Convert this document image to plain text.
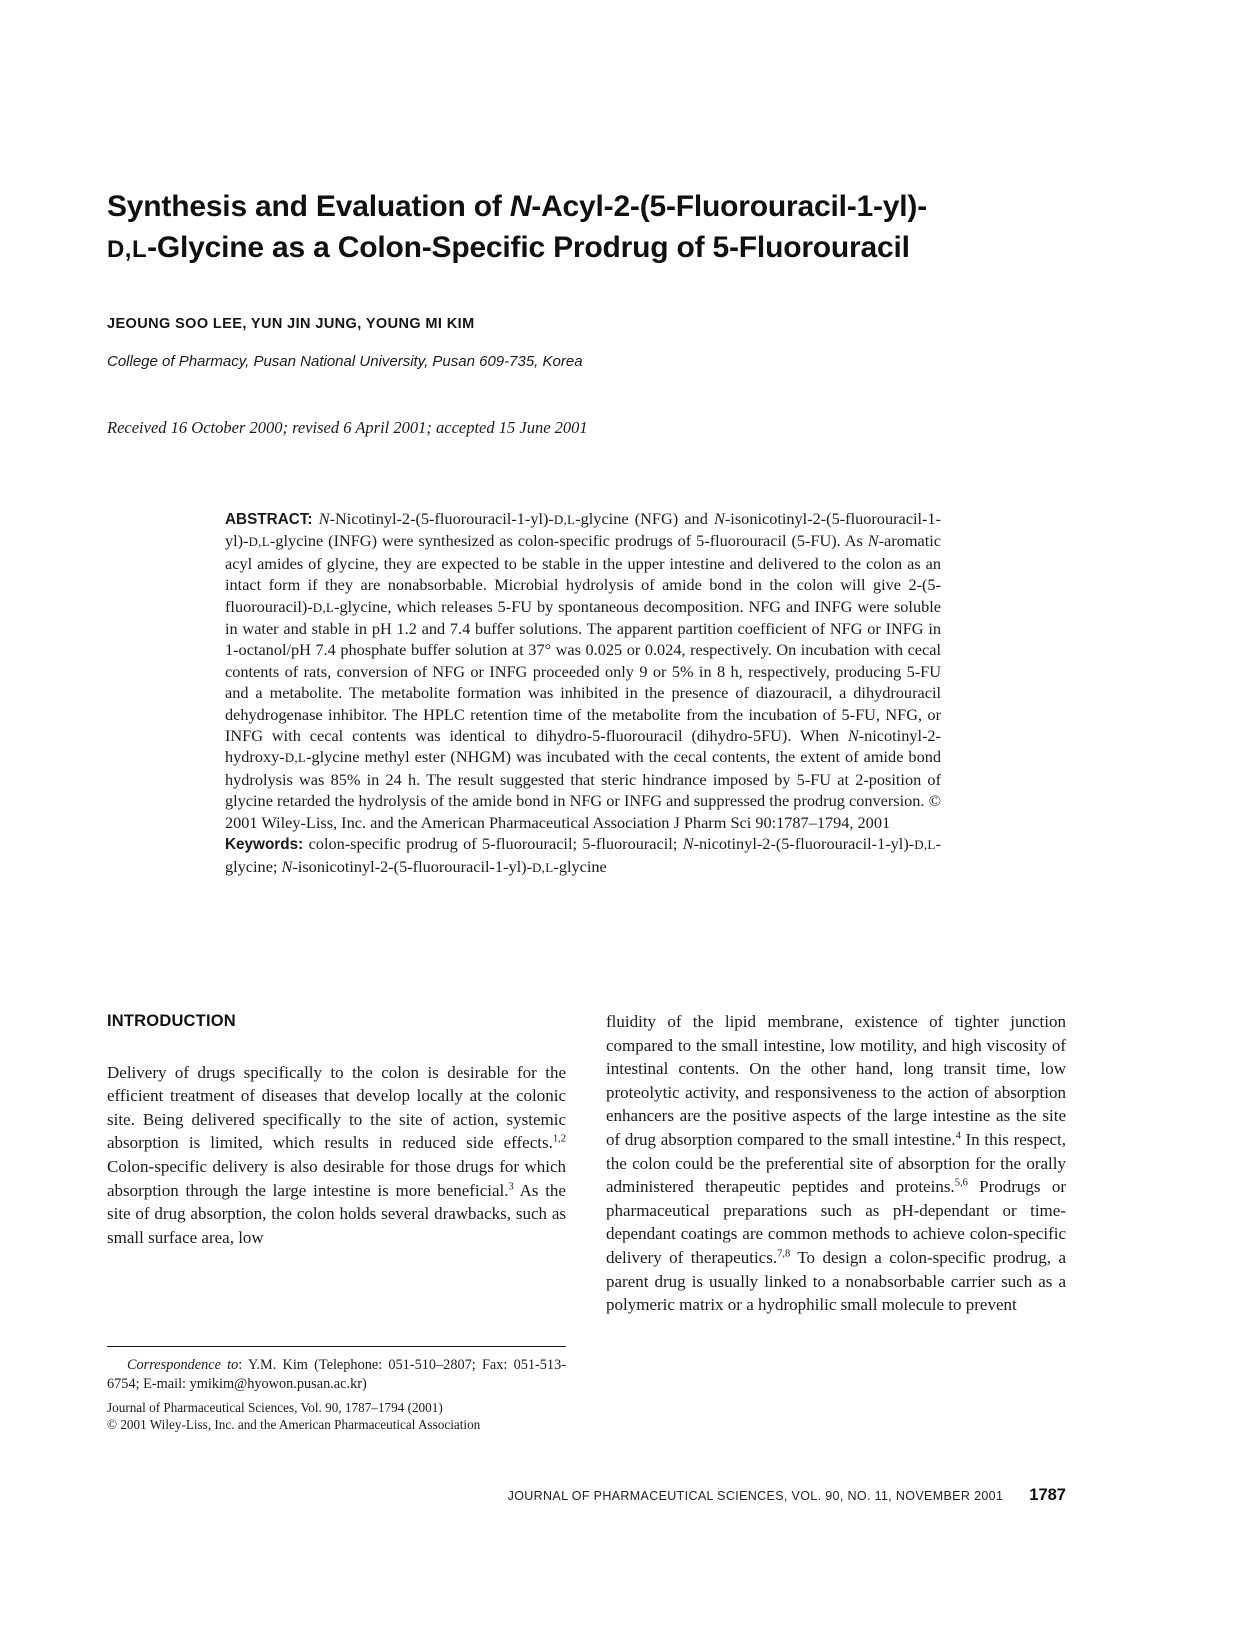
Synthesis and Evaluation of N-Acyl-2-(5-Fluorouracil-1-yl)-
D,L-Glycine as a Colon-Specific Prodrug of 5-Fluorouracil
JEOUNG SOO LEE, YUN JIN JUNG, YOUNG MI KIM
College of Pharmacy, Pusan National University, Pusan 609-735, Korea
Received 16 October 2000; revised 6 April 2001; accepted 15 June 2001

ABSTRACT: N-Nicotinyl-2-(5-fluorouracil-1-yl)-D,L-glycine (NFG) and N-isonicotinyl-2-(5-fluorouracil-1-yl)-D,L-glycine (INFG) were synthesized as colon-specific prodrugs of 5-fluorouracil (5-FU). As N-aromatic acyl amides of glycine, they are expected to be stable in the upper intestine and delivered to the colon as an intact form if they are nonabsorbable. Microbial hydrolysis of amide bond in the colon will give 2-(5-fluorouracil)-D,L-glycine, which releases 5-FU by spontaneous decomposition. NFG and INFG were soluble in water and stable in pH 1.2 and 7.4 buffer solutions. The apparent partition coefficient of NFG or INFG in 1-octanol/pH 7.4 phosphate buffer solution at 37° was 0.025 or 0.024, respectively. On incubation with cecal contents of rats, conversion of NFG or INFG proceeded only 9 or 5% in 8 h, respectively, producing 5-FU and a metabolite. The metabolite formation was inhibited in the presence of diazouracil, a dihydrouracil dehydrogenase inhibitor. The HPLC retention time of the metabolite from the incubation of 5-FU, NFG, or INFG with cecal contents was identical to dihydro-5-fluorouracil (dihydro-5FU). When N-nicotinyl-2-hydroxy-D,L-glycine methyl ester (NHGM) was incubated with the cecal contents, the extent of amide bond hydrolysis was 85% in 24 h. The result suggested that steric hindrance imposed by 5-FU at 2-position of glycine retarded the hydrolysis of the amide bond in NFG or INFG and suppressed the prodrug conversion. © 2001 Wiley-Liss, Inc. and the American Pharmaceutical Association J Pharm Sci 90:1787–1794, 2001

Keywords: colon-specific prodrug of 5-fluorouracil; 5-fluorouracil; N-nicotinyl-2-(5-fluorouracil-1-yl)-D,L-glycine; N-isonicotinyl-2-(5-fluorouracil-1-yl)-D,L-glycine

INTRODUCTION

Delivery of drugs specifically to the colon is desirable for the efficient treatment of diseases that develop locally at the colonic site. Being delivered specifically to the site of action, systemic absorption is limited, which results in reduced side effects.$^{1,2}$ Colon-specific delivery is also desirable for those drugs for which absorption through the large intestine is more beneficial.$^3$ As the site of drug absorption, the colon holds several drawbacks, such as small surface area, low

fluidity of the lipid membrane, existence of tighter junction compared to the small intestine, low motility, and high viscosity of intestinal contents. On the other hand, long transit time, low proteolytic activity, and responsiveness to the action of absorption enhancers are the positive aspects of the large intestine as the site of drug absorption compared to the small intestine.$^4$ In this respect, the colon could be the preferential site of absorption for the orally administered therapeutic peptides and proteins.$^{5,6}$ Prodrugs or pharmaceutical preparations such as pH-dependant or time-dependant coatings are common methods to achieve colon-specific delivery of therapeutics.$^{7,8}$ To design a colon-specific prodrug, a parent drug is usually linked to a nonabsorbable carrier such as a polymeric matrix or a hydrophilic small molecule to prevent

Correspondence to: Y.M. Kim (Telephone: 051-510–2807; Fax: 051-513-6754; E-mail: ymikim@hyowon.pusan.ac.kr)

Journal of Pharmaceutical Sciences, Vol. 90, 1787–1794 (2001)

© 2001 Wiley-Liss, Inc. and the American Pharmaceutical Association

JOURNAL OF PHARMACEUTICAL SCIENCES, VOL. 90, NO. 11, NOVEMBER 2001 1787
